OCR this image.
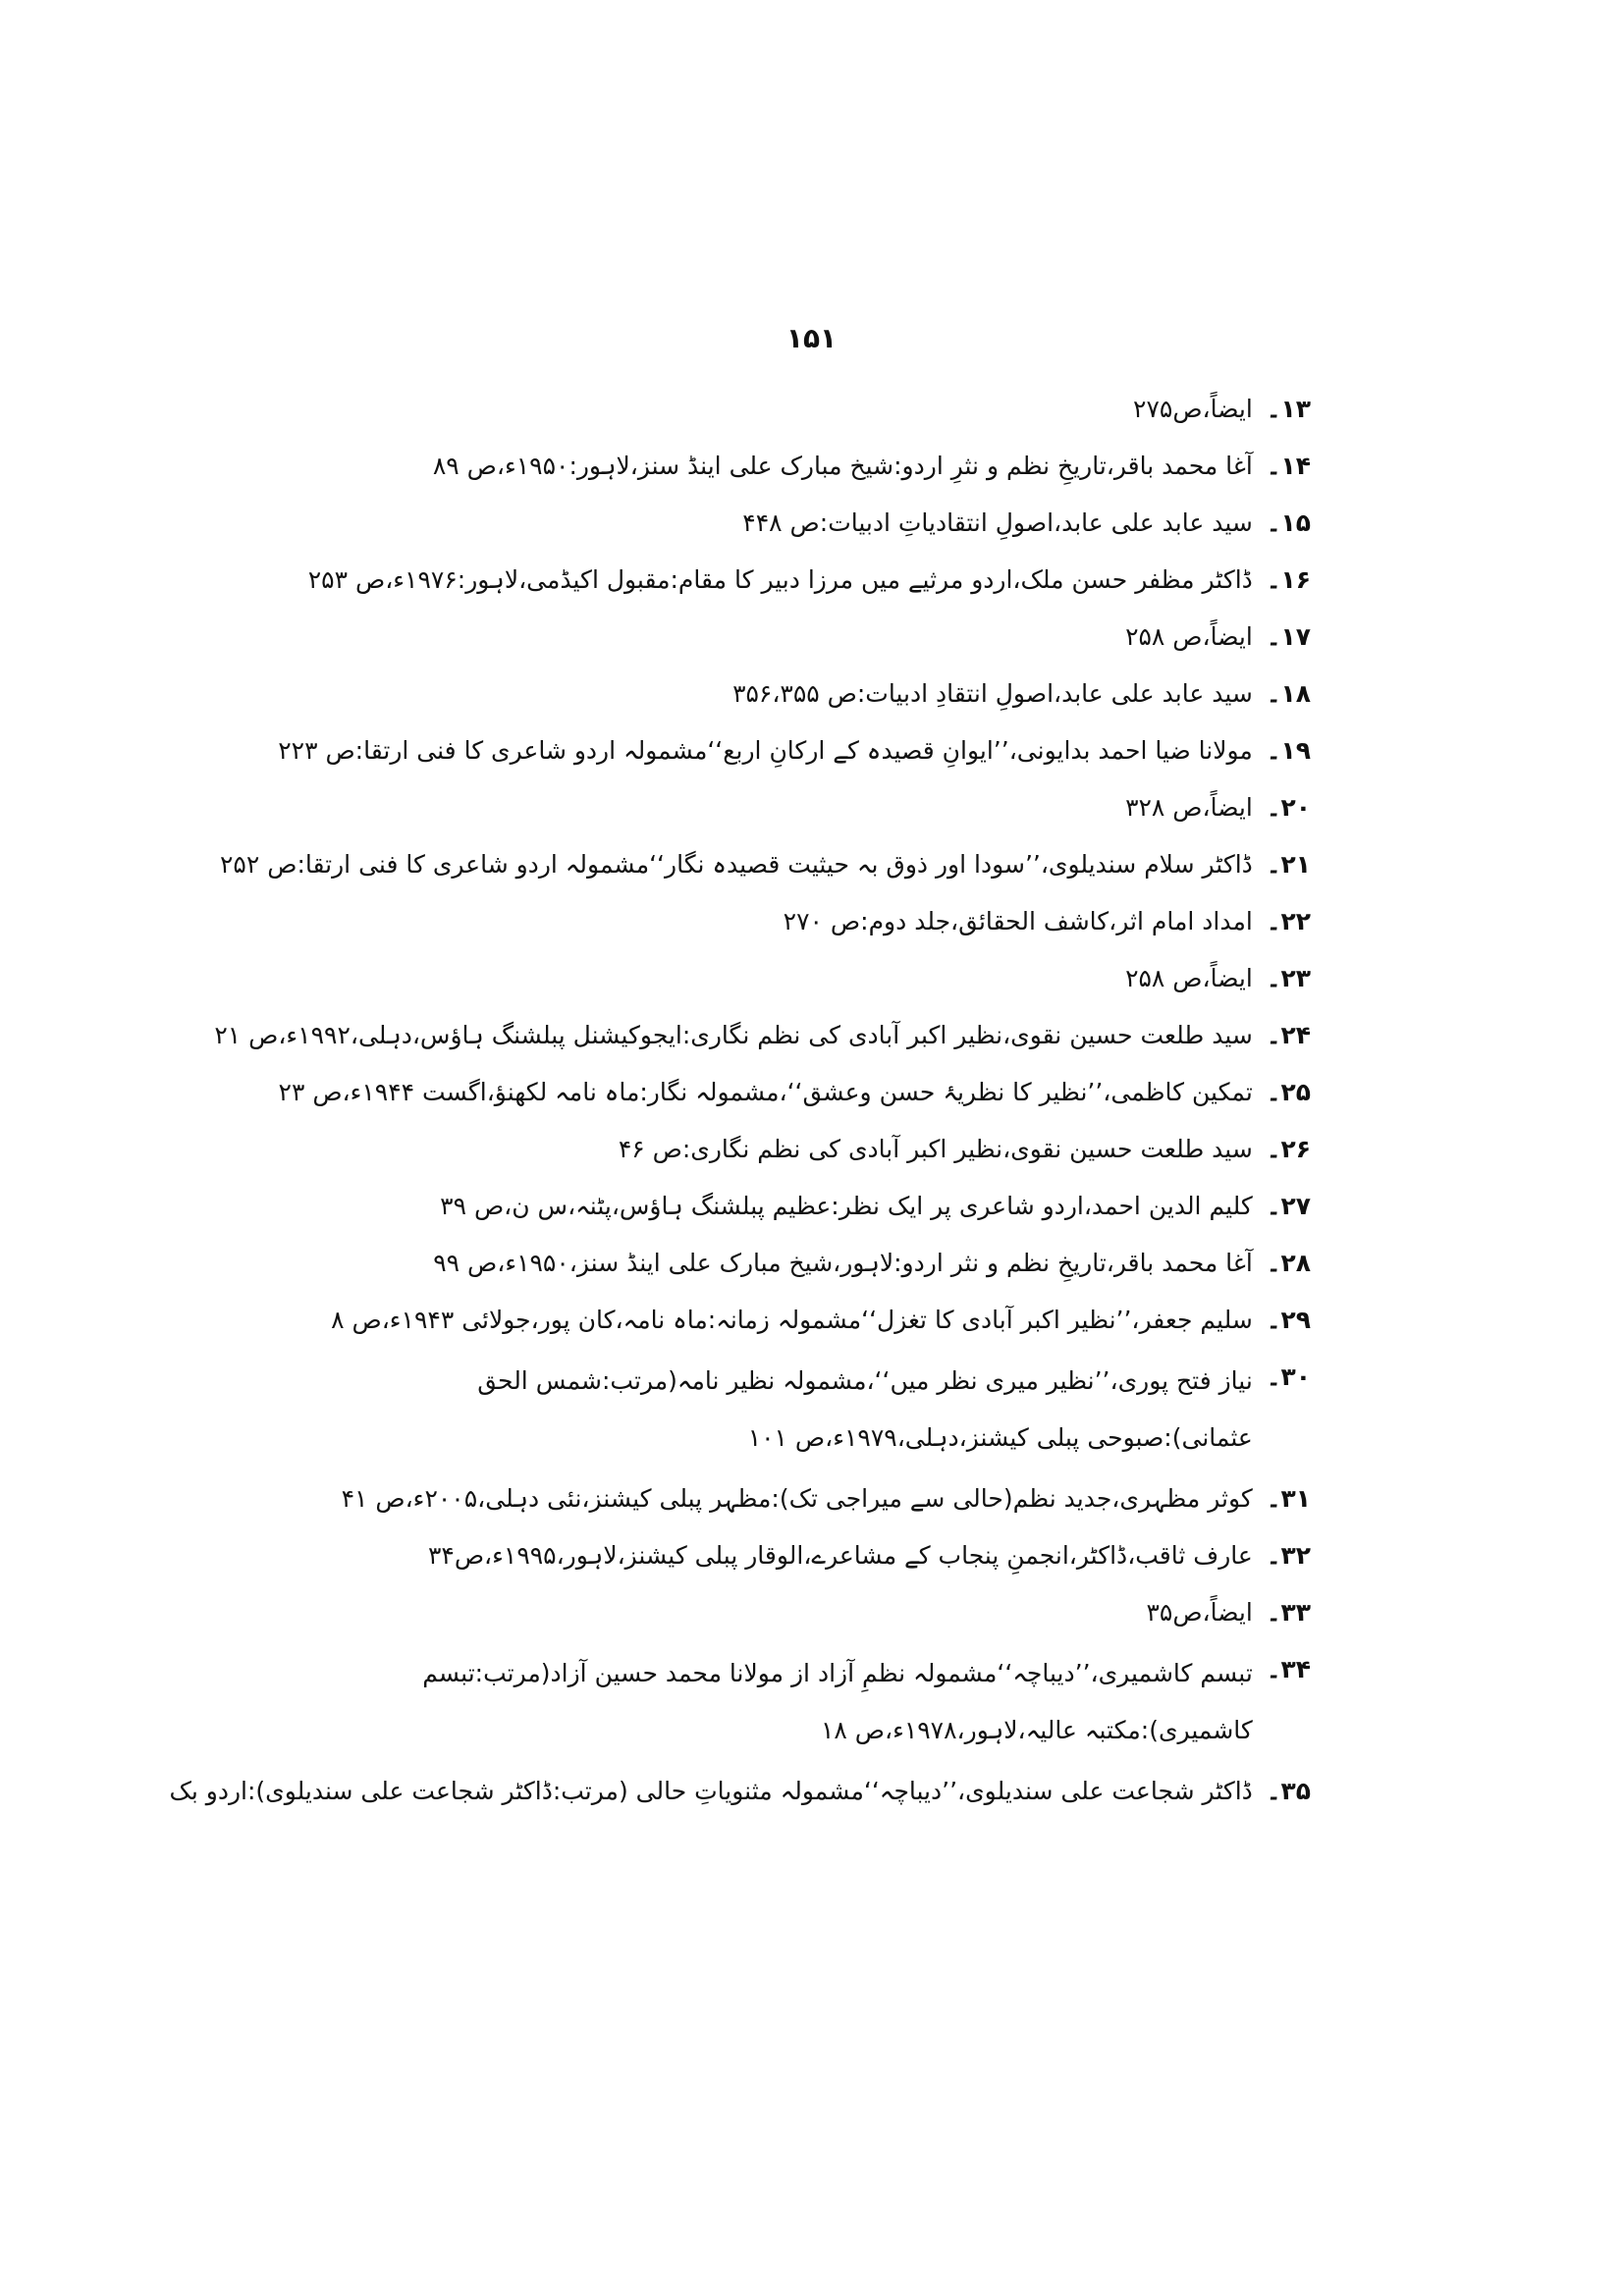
۱۵۱
۱۳۔
ایضاً،ص۲۷۵
۱۴۔
آغا محمد باقر،تاریخِ نظم و نثرِ اردو:شیخ مبارک علی اینڈ سنز،لاہور:۱۹۵۰ء،ص ۸۹
۱۵۔
سید عابد علی عابد،اصولِ انتقادیاتِ ادبیات:ص ۴۴۸
۱۶۔
ڈاکٹر مظفر حسن ملک،اردو مرثیے میں مرزا دبیر کا مقام:مقبول اکیڈمی،لاہور:۱۹۷۶ء،ص ۲۵۳
۱۷۔
ایضاً،ص ۲۵۸
۱۸۔
سید عابد علی عابد،اصولِ انتقادِ ادبیات:ص ۳۵۶،۳۵۵
۱۹۔
مولانا ضیا احمد بدایونی،’’ایوانِ قصیدہ کے ارکانِ اربع‘‘مشمولہ اردو شاعری کا فنی ارتقا:ص ۲۲۳
۲۰۔
ایضاً،ص ۳۲۸
۲۱۔
ڈاکٹر سلام سندیلوی،’’سودا اور ذوق بہ حیثیت قصیدہ نگار‘‘مشمولہ اردو شاعری کا فنی ارتقا:ص ۲۵۲
۲۲۔
امداد امام اثر،کاشف الحقائق،جلد دوم:ص ۲۷۰
۲۳۔
ایضاً،ص ۲۵۸
۲۴۔
سید طلعت حسین نقوی،نظیر اکبر آبادی کی نظم نگاری:ایجوکیشنل پبلشنگ ہاؤس،دہلی،۱۹۹۲ء،ص ۲۱
۲۵۔
تمکین کاظمی،’’نظیر کا نظریۂ حسن وعشق‘‘،مشمولہ نگار:ماہ نامہ لکھنؤ،اگست ۱۹۴۴ء،ص ۲۳
۲۶۔
سید طلعت حسین نقوی،نظیر اکبر آبادی کی نظم نگاری:ص ۴۶
۲۷۔
کلیم الدین احمد،اردو شاعری پر ایک نظر:عظیم پبلشنگ ہاؤس،پٹنہ،س ن،ص ۳۹
۲۸۔
آغا محمد باقر،تاریخِ نظم و نثر اردو:لاہور،شیخ مبارک علی اینڈ سنز،۱۹۵۰ء،ص ۹۹
۲۹۔
سلیم جعفر،’’نظیر اکبر آبادی کا تغزل‘‘مشمولہ زمانہ:ماہ نامہ،کان پور،جولائی ۱۹۴۳ء،ص ۸
۳۰۔
نیاز فتح پوری،’’نظیر میری نظر میں‘‘،مشمولہ نظیر نامہ(مرتب:شمس الحق عثمانی):صبوحی پبلی کیشنز،دہلی،۱۹۷۹ء،ص ۱۰۱
۳۱۔
کوثر مظہری،جدید نظم(حالی سے میراجی تک):مظہر پبلی کیشنز،نئی دہلی،۲۰۰۵ء،ص ۴۱
۳۲۔
عارف ثاقب،ڈاکٹر،انجمنِ پنجاب کے مشاعرے،الوقار پبلی کیشنز،لاہور،۱۹۹۵ء،ص۳۴
۳۳۔
ایضاً،ص۳۵
۳۴۔
تبسم کاشمیری،’’دیباچہ‘‘مشمولہ نظمِ آزاد از مولانا محمد حسین آزاد(مرتب:تبسم کاشمیری):مکتبہ عالیہ،لاہور،۱۹۷۸ء،ص ۱۸
۳۵۔
ڈاکٹر شجاعت علی سندیلوی،’’دیباچہ‘‘مشمولہ مثنویاتِ حالی (مرتب:ڈاکٹر شجاعت علی سندیلوی):اردو بک
